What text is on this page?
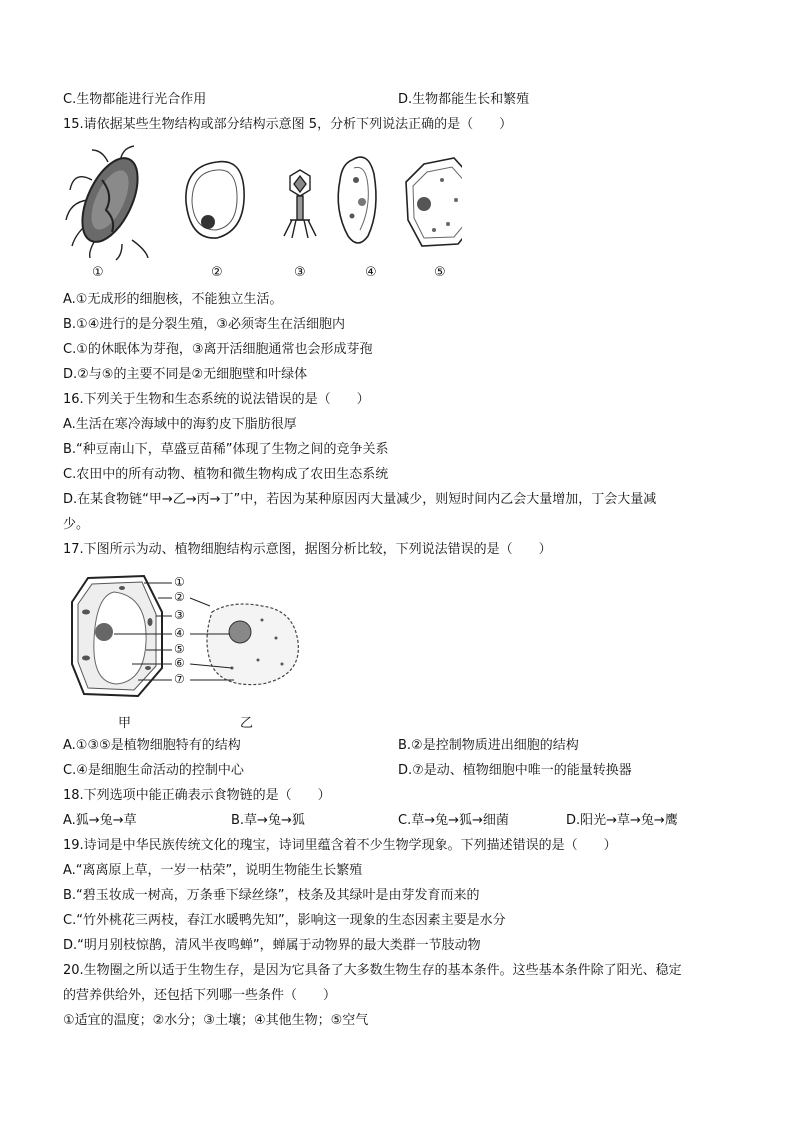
C.生物都能进行光合作用	D.生物都能生长和繁殖
15.请依据某些生物结构或部分结构示意图 5，分析下列说法正确的是（　　）
①	②	③	④	⑤
A.①无成形的细胞核，不能独立生活。
B.①④进行的是分裂生殖，③必须寄生在活细胞内
C.①的休眠体为芽孢，③离开活细胞通常也会形成芽孢
D.②与⑤的主要不同是②无细胞壁和叶绿体
16.下列关于生物和生态系统的说法错误的是（　　）
A.生活在寒冷海域中的海豹皮下脂肪很厚
B.“种豆南山下，草盛豆苗稀”体现了生物之间的竞争关系
C.农田中的所有动物、植物和微生物构成了农田生态系统
D.在某食物链“甲→乙→丙→丁”中，若因为某种原因丙大量减少，则短时间内乙会大量增加，丁会大量减
少。
17.下图所示为动、植物细胞结构示意图，据图分析比较，下列说法错误的是（　　）
①
②
③
④
⑤
⑥
⑦
甲	乙
A.①③⑤是植物细胞特有的结构	B.②是控制物质进出细胞的结构
C.④是细胞生命活动的控制中心	D.⑦是动、植物细胞中唯一的能量转换器
18.下列选项中能正确表示食物链的是（　　）
A.狐→兔→草	B.草→兔→狐	C.草→兔→狐→细菌	D.阳光→草→兔→鹰
19.诗词是中华民族传统文化的瑰宝，诗词里蕴含着不少生物学现象。下列描述错误的是（　　）
A.“离离原上草，一岁一枯荣”，说明生物能生长繁殖
B.“碧玉妆成一树高，万条垂下绿丝绦”，枝条及其绿叶是由芽发育而来的
C.“竹外桃花三两枝，春江水暖鸭先知”，影响这一现象的生态因素主要是水分
D.“明月别枝惊鹊，清风半夜鸣蝉”，蝉属于动物界的最大类群一节肢动物
20.生物圈之所以适于生物生存，是因为它具备了大多数生物生存的基本条件。这些基本条件除了阳光、稳定
的营养供给外，还包括下列哪一些条件（　　）
①适宜的温度；②水分；③土壤；④其他生物；⑤空气
